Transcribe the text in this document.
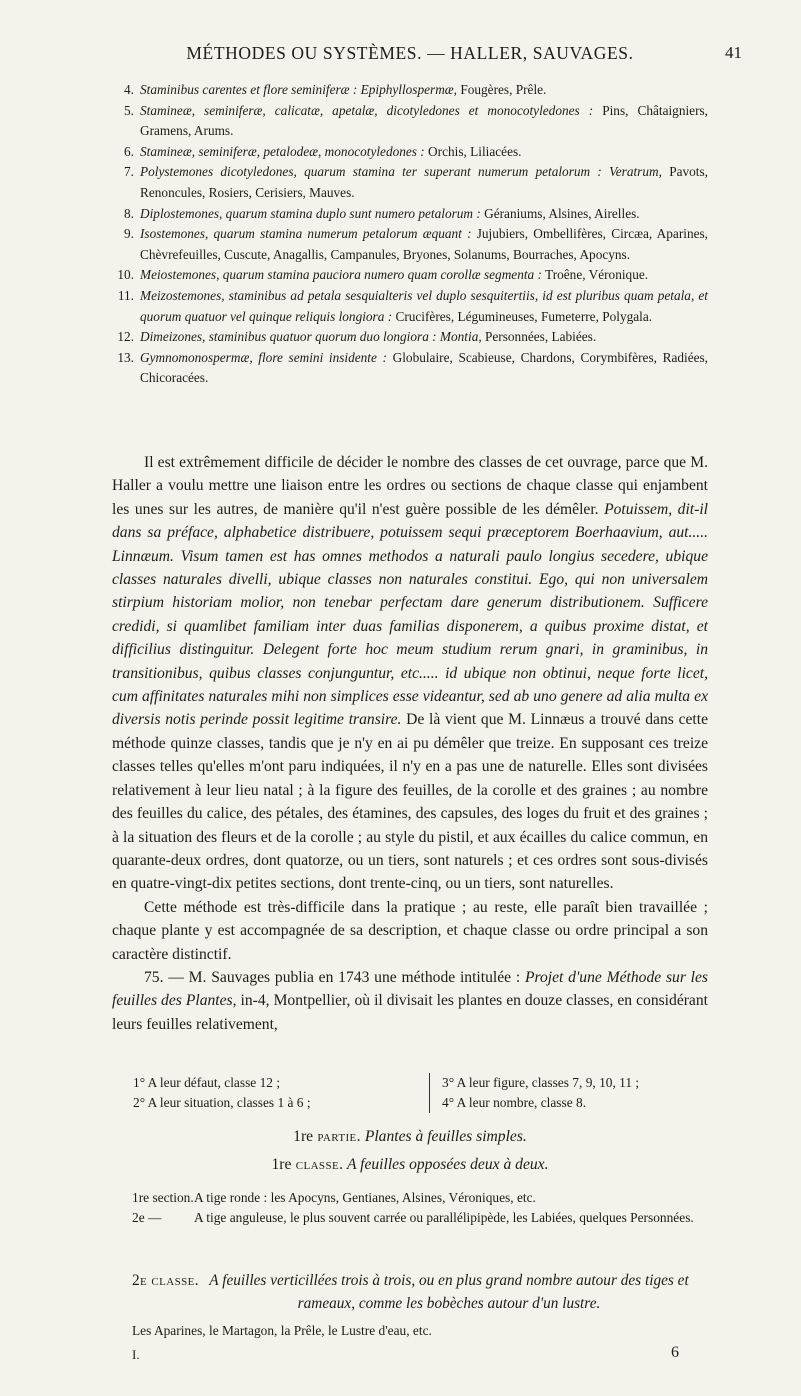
MÉTHODES OU SYSTÈMES. — HALLER, SAUVAGES.	41
4. Staminibus carentes et flore seminiferæ : Epiphyllospermæ, Fougères, Prêle.
5. Stamineæ, seminiferæ, calicatæ, apetalæ, dicotyledones et monocotyledones : Pins, Châtaigniers, Gramens, Arums.
6. Stamineæ, seminiferæ, petalodeæ, monocotyledones : Orchis, Liliacées.
7. Polystemones dicotyledones, quarum stamina ter superant numerum petalorum : Veratrum, Pavots, Renoncules, Rosiers, Cerisiers, Mauves.
8. Diplostemones, quarum stamina duplo sunt numero petalorum : Géraniums, Alsines, Airelles.
9. Isostemones, quarum stamina numerum petalorum æquant : Jujubiers, Ombellifères, Circæa, Aparines, Chèvrefeuilles, Cuscute, Anagallis, Campanules, Bryones, Solanums, Bourraches, Apocyns.
10. Meiostemones, quarum stamina pauciora numero quam corollæ segmenta : Troêne, Véronique.
11. Meizostemones, staminibus ad petala sesquialteris vel duplo sesquitertiis, id est pluribus quam petala, et quorum quatuor vel quinque reliquis longiora : Crucifères, Légumineuses, Fumeterre, Polygala.
12. Dimeizones, staminibus quatuor quorum duo longiora : Montia, Personnées, Labiées.
13. Gymnomonospermæ, flore semini insidente : Globulaire, Scabieuse, Chardons, Corymbifères, Radiées, Chicoracées.

Il est extrêmement difficile de décider le nombre des classes de cet ouvrage, parce que M. Haller a voulu mettre une liaison entre les ordres ou sections de chaque classe qui enjambent les unes sur les autres, de manière qu'il n'est guère possible de les démêler. Potuissem, dit-il dans sa préface, alphabetice distribuere, potuissem sequi præceptorem Boerhaavium, aut..... Linnæum. Visum tamen est has omnes methodos a naturali paulo longius secedere, ubique classes naturales divelli, ubique classes non naturales constitui. Ego, qui non universalem stirpium historiam molior, non tenebar perfectam dare generum distributionem. Sufficere credidi, si quamlibet familiam inter duas familias disponerem, a quibus proxime distat, et difficilius distinguitur. Delegent forte hoc meum studium rerum gnari, in graminibus, in transitionibus, quibus classes conjunguntur, etc..... id ubique non obtinui, neque forte licet, cum affinitates naturales mihi non simplices esse videantur, sed ab uno genere ad alia multa ex diversis notis perinde possit legitime transire. De là vient que M. Linnæus a trouvé dans cette méthode quinze classes, tandis que je n'y en ai pu démêler que treize. En supposant ces treize classes telles qu'elles m'ont paru indiquées, il n'y en a pas une de naturelle. Elles sont divisées relativement à leur lieu natal ; à la figure des feuilles, de la corolle et des graines ; au nombre des feuilles du calice, des pétales, des étamines, des capsules, des loges du fruit et des graines ; à la situation des fleurs et de la corolle ; au style du pistil, et aux écailles du calice commun, en quarante-deux ordres, dont quatorze, ou un tiers, sont naturels ; et ces ordres sont sous-divisés en quatre-vingt-dix petites sections, dont trente-cinq, ou un tiers, sont naturelles.

Cette méthode est très-difficile dans la pratique ; au reste, elle paraît bien travaillée ; chaque plante y est accompagnée de sa description, et chaque classe ou ordre principal a son caractère distinctif.

75. — M. Sauvages publia en 1743 une méthode intitulée : Projet d'une Méthode sur les feuilles des Plantes, in-4, Montpellier, où il divisait les plantes en douze classes, en considérant leurs feuilles relativement,

1° A leur défaut, classe 12 ;
2° A leur situation, classes 1 à 6 ;
3° A leur figure, classes 7, 9, 10, 11 ;
4° A leur nombre, classe 8.
1re partie. Plantes à feuilles simples.
1re classe. A feuilles opposées deux à deux.
1re section. A tige ronde : les Apocyns, Gentianes, Alsines, Véroniques, etc.
2e —	A tige anguleuse, le plus souvent carrée ou parallélipipède, les Labiées, quelques Personnées.
2e classe. A feuilles verticillées trois à trois, ou en plus grand nombre autour des tiges et rameaux, comme les bobèches autour d'un lustre.
Les Aparines, le Martagon, la Prêle, le Lustre d'eau, etc.
I.	6
